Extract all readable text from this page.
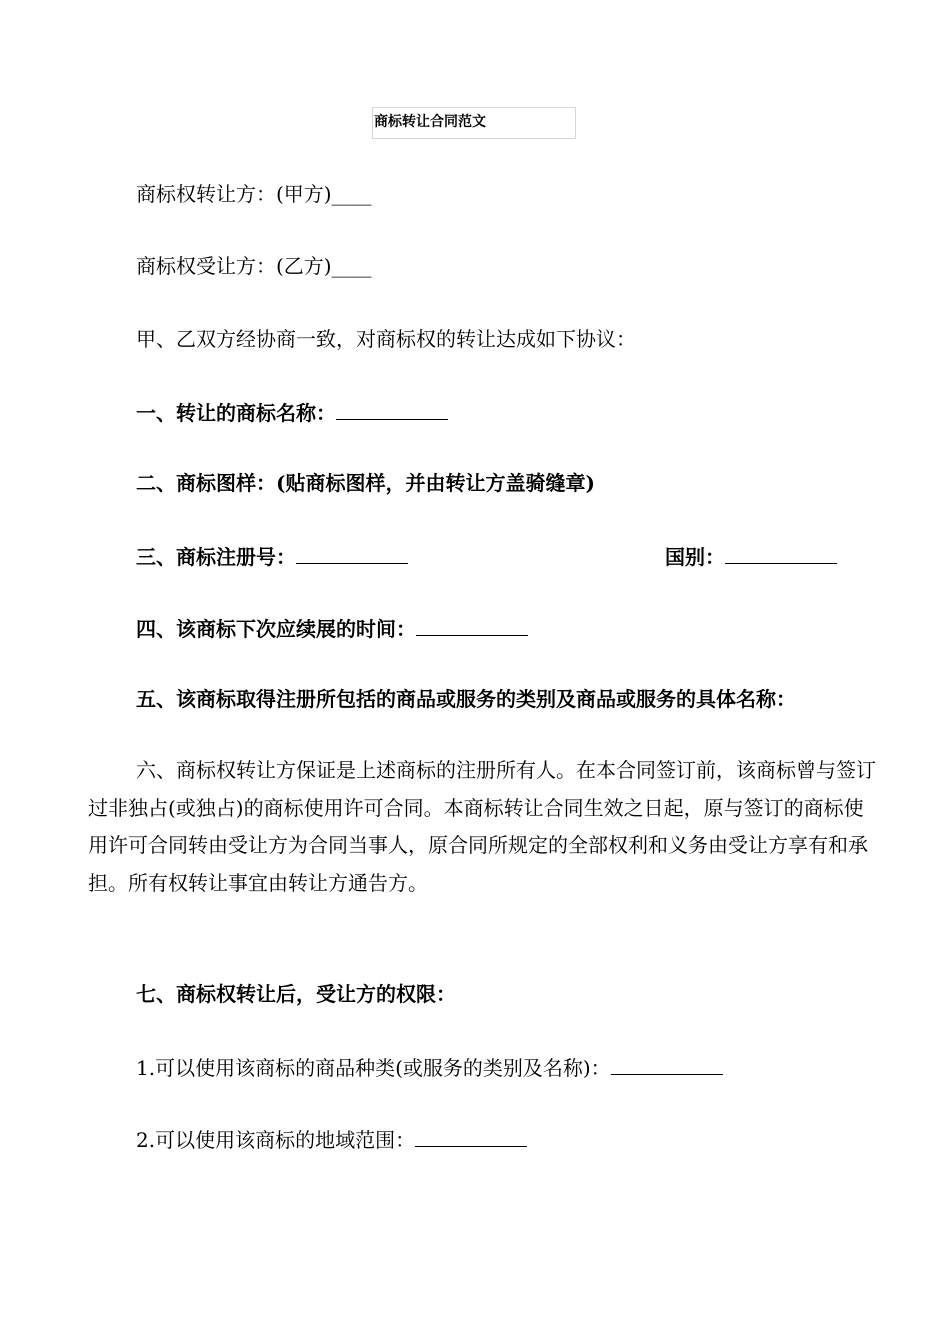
商标转让合同范文
商标权转让方：(甲方)____
商标权受让方：(乙方)____
甲、乙双方经协商一致，对商标权的转让达成如下协议：
一、转让的商标名称：
二、商标图样：(贴商标图样，并由转让方盖骑缝章)
三、商标注册号：	国别：
四、该商标下次应续展的时间：
五、该商标取得注册所包括的商品或服务的类别及商品或服务的具体名称：
六、商标权转让方保证是上述商标的注册所有人。在本合同签订前，该商标曾与签订过非独占(或独占)的商标使用许可合同。本商标转让合同生效之日起，原与签订的商标使用许可合同转由受让方为合同当事人，原合同所规定的全部权利和义务由受让方享有和承担。所有权转让事宜由转让方通告方。
七、商标权转让后，受让方的权限：
1.可以使用该商标的商品种类(或服务的类别及名称)：
2.可以使用该商标的地域范围：
